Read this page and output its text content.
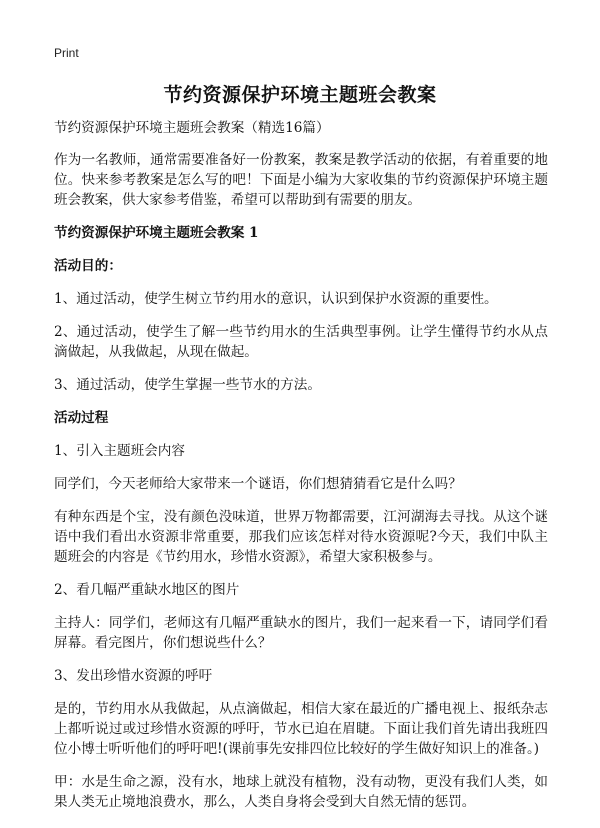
Print
节约资源保护环境主题班会教案

节约资源保护环境主题班会教案（精选16篇）

作为一名教师，通常需要准备好一份教案，教案是教学活动的依据，有着重要的地位。快来参考教案是怎么写的吧！下面是小编为大家收集的节约资源保护环境主题班会教案，供大家参考借鉴，希望可以帮助到有需要的朋友。

节约资源保护环境主题班会教案 1

活动目的：

1、通过活动，使学生树立节约用水的意识，认识到保护水资源的重要性。

2、通过活动，使学生了解一些节约用水的生活典型事例。让学生懂得节约水从点滴做起，从我做起，从现在做起。

3、通过活动，使学生掌握一些节水的方法。

活动过程

1、引入主题班会内容

同学们，今天老师给大家带来一个谜语，你们想猜猜看它是什么吗？

有种东西是个宝，没有颜色没味道，世界万物都需要，江河湖海去寻找。从这个谜语中我们看出水资源非常重要，那我们应该怎样对待水资源呢?今天，我们中队主题班会的内容是《节约用水，珍惜水资源》，希望大家积极参与。

2、看几幅严重缺水地区的图片

主持人：同学们，老师这有几幅严重缺水的图片，我们一起来看一下，请同学们看屏幕。看完图片，你们想说些什么？

3、发出珍惜水资源的呼吁

是的，节约用水从我做起，从点滴做起，相信大家在最近的广播电视上、报纸杂志上都听说过或过珍惜水资源的呼吁，节水已迫在眉睫。下面让我们首先请出我班四位小博士听听他们的呼吁吧!(课前事先安排四位比较好的学生做好知识上的准备。)

甲：水是生命之源，没有水，地球上就没有植物，没有动物，更没有我们人类，如果人类无止境地浪费水，那么，人类自身将会受到大自然无情的惩罚。
